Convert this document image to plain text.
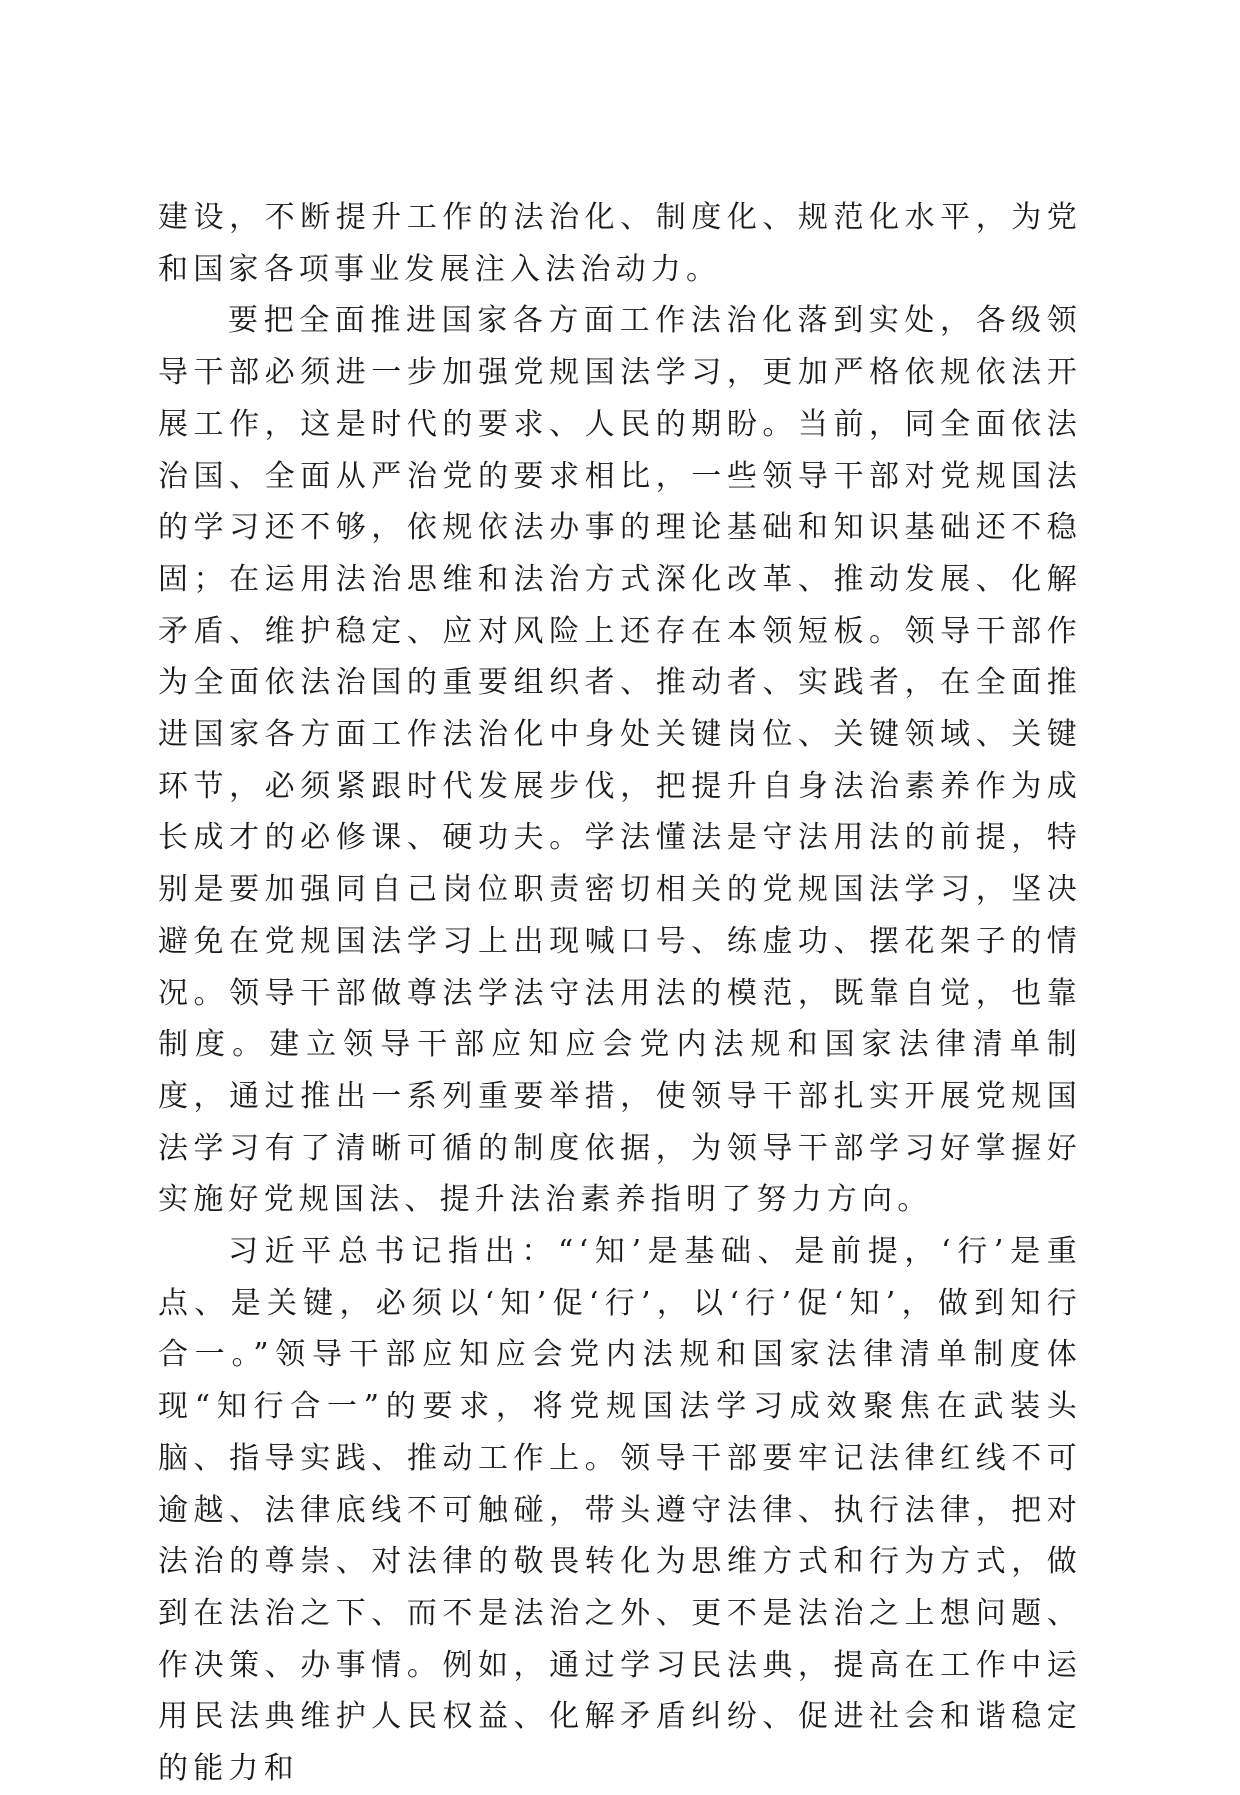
建设，不断提升工作的法治化、制度化、规范化水平，为党和国家各项事业发展注入法治动力。

要把全面推进国家各方面工作法治化落到实处，各级领导干部必须进一步加强党规国法学习，更加严格依规依法开展工作，这是时代的要求、人民的期盼。当前，同全面依法治国、全面从严治党的要求相比，一些领导干部对党规国法的学习还不够，依规依法办事的理论基础和知识基础还不稳固；在运用法治思维和法治方式深化改革、推动发展、化解矛盾、维护稳定、应对风险上还存在本领短板。领导干部作为全面依法治国的重要组织者、推动者、实践者，在全面推进国家各方面工作法治化中身处关键岗位、关键领域、关键环节，必须紧跟时代发展步伐，把提升自身法治素养作为成长成才的必修课、硬功夫。学法懂法是守法用法的前提，特别是要加强同自己岗位职责密切相关的党规国法学习，坚决避免在党规国法学习上出现喊口号、练虚功、摆花架子的情况。领导干部做尊法学法守法用法的模范，既靠自觉，也靠制度。建立领导干部应知应会党内法规和国家法律清单制度，通过推出一系列重要举措，使领导干部扎实开展党规国法学习有了清晰可循的制度依据，为领导干部学习好掌握好实施好党规国法、提升法治素养指明了努力方向。

习近平总书记指出：“‘知’是基础、是前提，‘行’是重点、是关键，必须以‘知’促‘行’，以‘行’促‘知’，做到知行合一。”领导干部应知应会党内法规和国家法律清单制度体现“知行合一”的要求，将党规国法学习成效聚焦在武装头脑、指导实践、推动工作上。领导干部要牢记法律红线不可逾越、法律底线不可触碰，带头遵守法律、执行法律，把对法治的尊崇、对法律的敬畏转化为思维方式和行为方式，做到在法治之下、而不是法治之外、更不是法治之上想问题、作决策、办事情。例如，通过学习民法典，提高在工作中运用民法典维护人民权益、化解矛盾纠纷、促进社会和谐稳定的能力和
